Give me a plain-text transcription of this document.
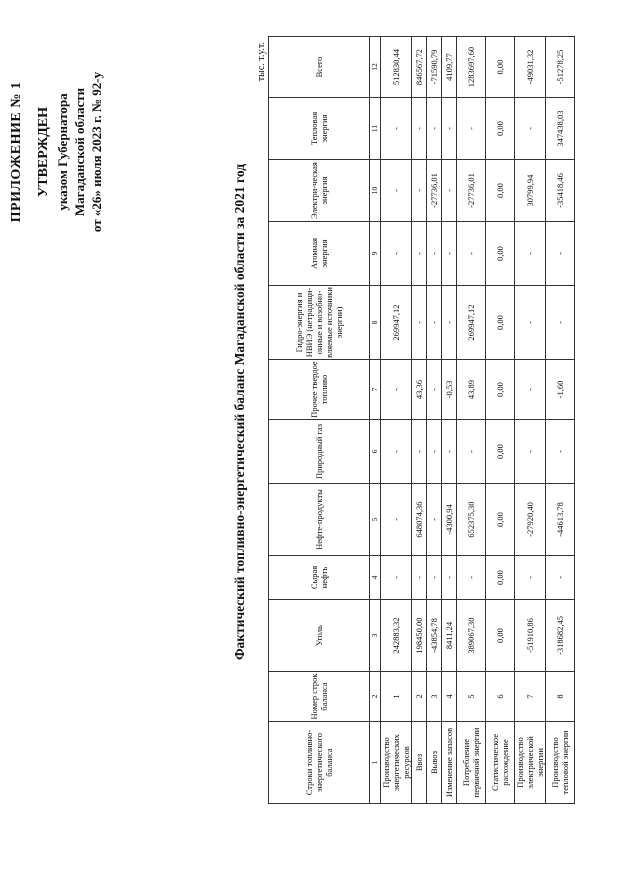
ПРИЛОЖЕНИЕ № 1 УТВЕРЖДЕН указом Губернатора Магаданской области от «26» июля 2023 г. № 92-у
Фактический топливно-энергетический баланс Магаданской области за 2021 год
тыс. т.у.т.
Строки топливно-энергетического баланса	Номер строк баланса	Уголь	Сырая нефть	Нефте-продукты	Природный газ	Прочее твердое топливо	Гидро-энергия и НВИЭ (нетрадици-онные и возобно-вляемые источники энергии)	Атомная энергия	Электри-ческая энергия	Тепловая энергия	Всего
1	2	3	4	5	6	7	8	9	10	11	12
Производство энергетических ресурсов	1	242883,32	-	-	-	-	269947,12	-	-	-	512830,44
Ввоз	2	198450,00	-	648074,36	-	43,36	-	-	-	-	846567,72
Вывоз	3	-43854,78	-	-	-	-	-	-	-27736,01	-	-71590,79
Изменение запасов	4	8411,24	-	-4300,94	-	-0,53	-	-	-	-	4109,77
Потребление первичной энергии	5	389067,30	-	652375,30	-	43,89	269947,12	-	-27736,01	-	1283697,60
Статистическое расхождение	6	0,00	0,00	0,00	0,00	0,00	0,00	0,00	0,00	0,00	0,00
Производство электрической энергии	7	-51910,86	-	-27920,40	-	-	-	-	30799,94	-	-49031,32
Производство тепловой энергии	8	-318682,45	-	-44613,78	-	-1,60	-	-	-35418,46	347438,03	-51278,25
